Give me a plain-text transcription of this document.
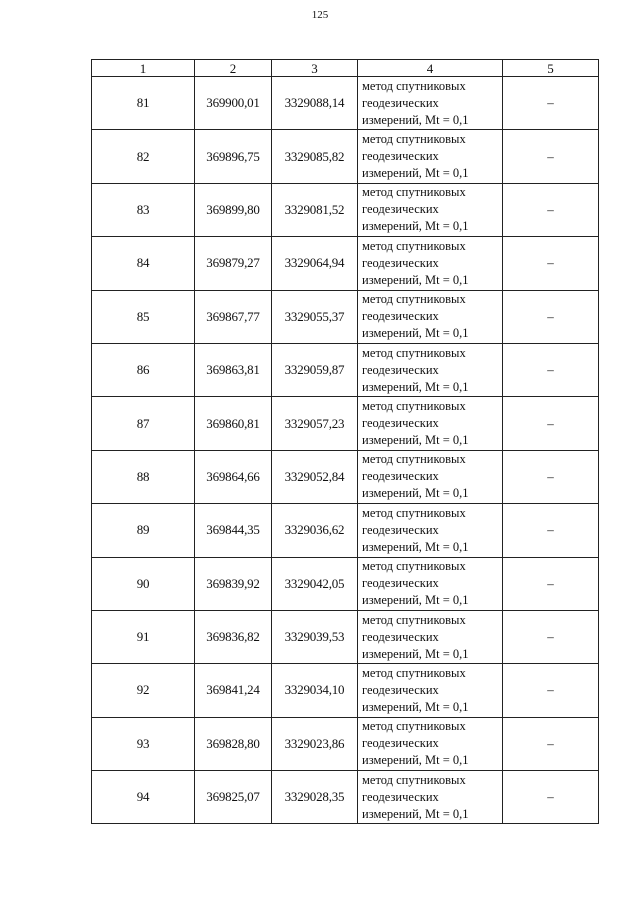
125
1	2	3	4	5
81	369900,01	3329088,14	метод спутниковых
геодезических
измерений, Mt = 0,1	–
82	369896,75	3329085,82	метод спутниковых
геодезических
измерений, Mt = 0,1	–
83	369899,80	3329081,52	метод спутниковых
геодезических
измерений, Mt = 0,1	–
84	369879,27	3329064,94	метод спутниковых
геодезических
измерений, Mt = 0,1	–
85	369867,77	3329055,37	метод спутниковых
геодезических
измерений, Mt = 0,1	–
86	369863,81	3329059,87	метод спутниковых
геодезических
измерений, Mt = 0,1	–
87	369860,81	3329057,23	метод спутниковых
геодезических
измерений, Mt = 0,1	–
88	369864,66	3329052,84	метод спутниковых
геодезических
измерений, Mt = 0,1	–
89	369844,35	3329036,62	метод спутниковых
геодезических
измерений, Mt = 0,1	–
90	369839,92	3329042,05	метод спутниковых
геодезических
измерений, Mt = 0,1	–
91	369836,82	3329039,53	метод спутниковых
геодезических
измерений, Mt = 0,1	–
92	369841,24	3329034,10	метод спутниковых
геодезических
измерений, Mt = 0,1	–
93	369828,80	3329023,86	метод спутниковых
геодезических
измерений, Mt = 0,1	–
94	369825,07	3329028,35	метод спутниковых
геодезических
измерений, Mt = 0,1	–
